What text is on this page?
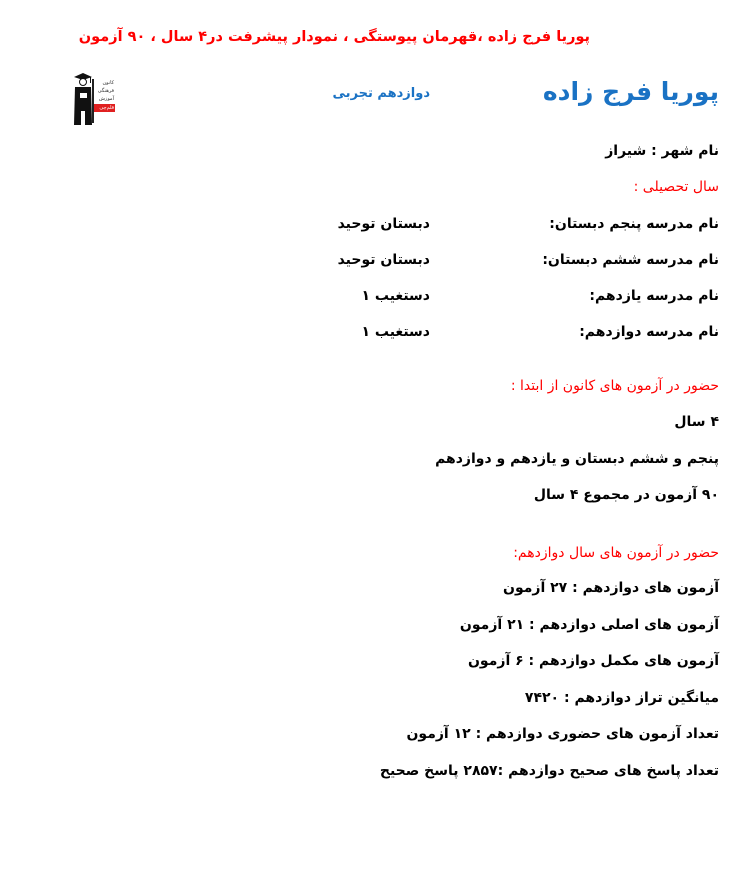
پوریا فرج زاده ،قهرمان پیوستگی ، نمودار پیشرفت در۴ سال ، ۹۰ آزمون
کانون
فرهنگی
آموزش
قلم‌چی
پوریا فرج زاده
دوازدهم تجربی
نام شهر : شیراز
سال تحصیلی :
نام مدرسه پنجم دبستان:
دبستان توحید
نام مدرسه ششم دبستان:
دبستان توحید
نام مدرسه یازدهم:
دستغیب ۱
نام مدرسه دوازدهم:
دستغیب ۱
حضور در آزمون های کانون از ابتدا :
۴ سال
پنجم و ششم دبستان و یازدهم و دوازدهم
۹۰ آزمون در مجموع ۴ سال
حضور در آزمون های سال دوازدهم:
آزمون های دوازدهم : ۲۷ آزمون
آزمون های اصلی دوازدهم : ۲۱ آزمون
آزمون های مکمل دوازدهم : ۶ آزمون
میانگین تراز دوازدهم : ۷۴۲۰
تعداد آزمون های حضوری دوازدهم : ۱۲ آزمون
تعداد پاسخ های صحیح دوازدهم :۲۸۵۷ پاسخ صحیح
